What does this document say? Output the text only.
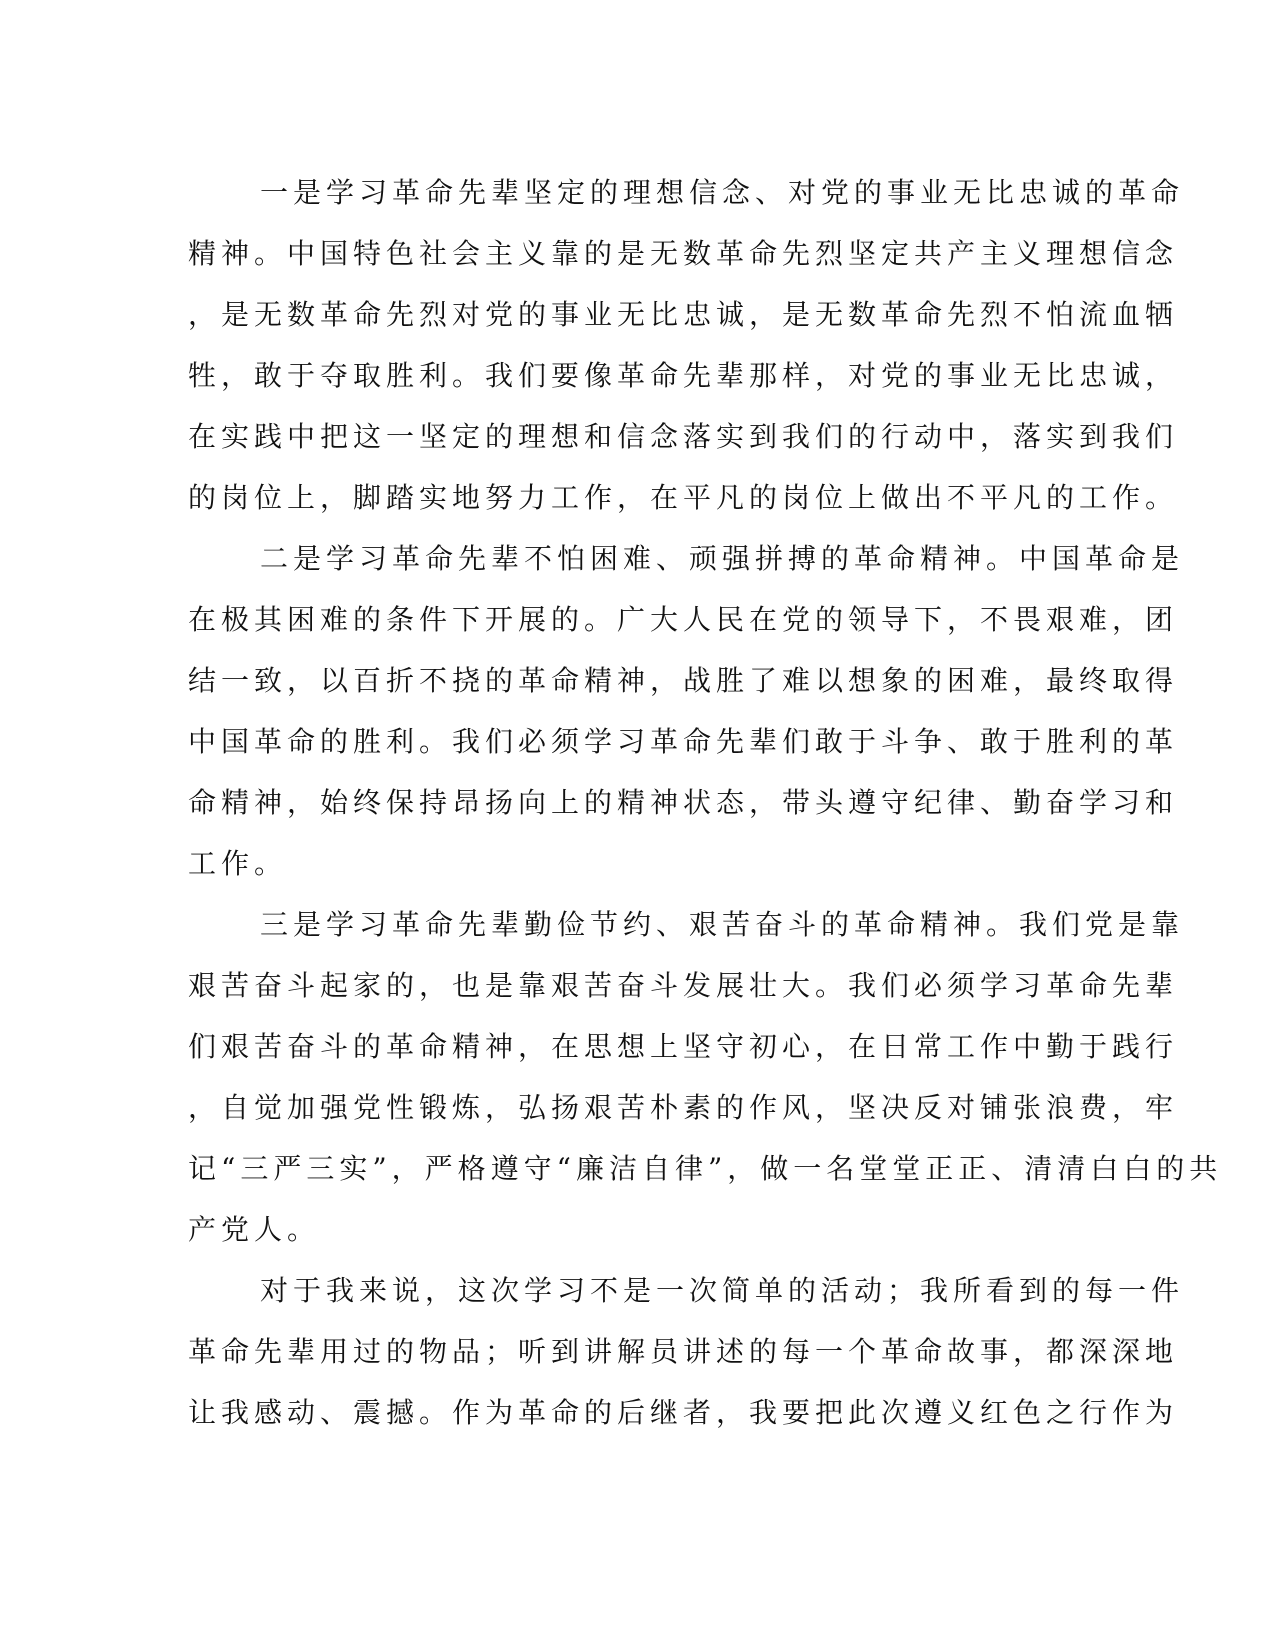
一是学习革命先辈坚定的理想信念、对党的事业无比忠诚的革命
精神。中国特色社会主义靠的是无数革命先烈坚定共产主义理想信念
，是无数革命先烈对党的事业无比忠诚，是无数革命先烈不怕流血牺
牲，敢于夺取胜利。我们要像革命先辈那样，对党的事业无比忠诚，
在实践中把这一坚定的理想和信念落实到我们的行动中，落实到我们
的岗位上，脚踏实地努力工作，在平凡的岗位上做出不平凡的工作。
二是学习革命先辈不怕困难、顽强拼搏的革命精神。中国革命是
在极其困难的条件下开展的。广大人民在党的领导下，不畏艰难，团
结一致，以百折不挠的革命精神，战胜了难以想象的困难，最终取得
中国革命的胜利。我们必须学习革命先辈们敢于斗争、敢于胜利的革
命精神，始终保持昂扬向上的精神状态，带头遵守纪律、勤奋学习和
工作。
三是学习革命先辈勤俭节约、艰苦奋斗的革命精神。我们党是靠
艰苦奋斗起家的，也是靠艰苦奋斗发展壮大。我们必须学习革命先辈
们艰苦奋斗的革命精神，在思想上坚守初心，在日常工作中勤于践行
，自觉加强党性锻炼，弘扬艰苦朴素的作风，坚决反对铺张浪费，牢
记“三严三实”，严格遵守“廉洁自律”，做一名堂堂正正、清清白白的共
产党人。
对于我来说，这次学习不是一次简单的活动；我所看到的每一件
革命先辈用过的物品；听到讲解员讲述的每一个革命故事，都深深地
让我感动、震撼。作为革命的后继者，我要把此次遵义红色之行作为
